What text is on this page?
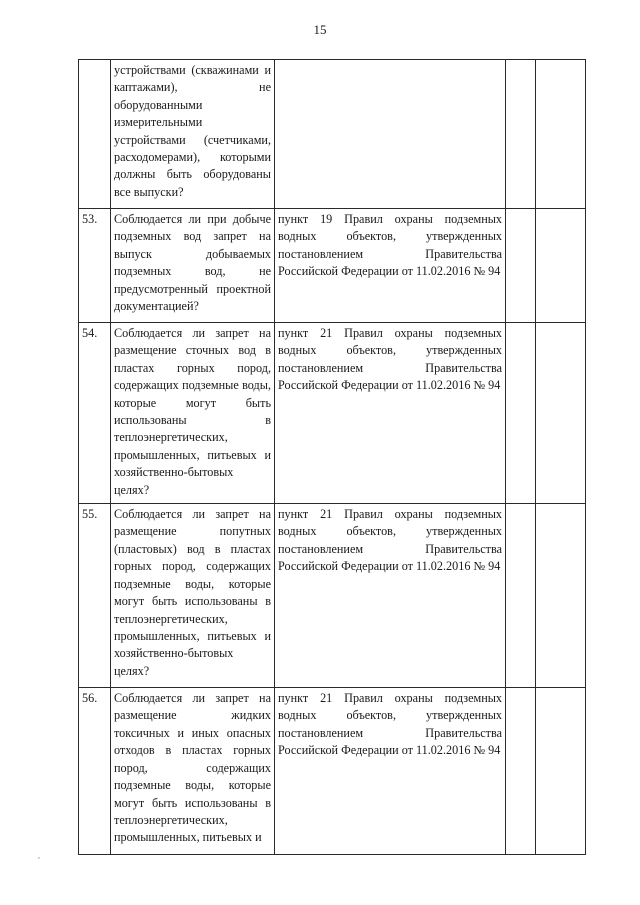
15
	устройствами (скважинами и каптажами), не оборудованными измерительными устройствами (счетчиками, расходомерами), которыми должны быть оборудованы все выпуски?			
53.	Соблюдается ли при добыче подземных вод запрет на выпуск добываемых подземных вод, не предусмотренный проектной документацией?	пункт 19 Правил охраны подземных водных объектов, утвержденных постановлением Правительства Российской Федерации от 11.02.2016 № 94		
54.	Соблюдается ли запрет на размещение сточных вод в пластах горных пород, содержащих подземные воды, которые могут быть использованы в теплоэнергетических, промышленных, питьевых и хозяйственно-бытовых целях?	пункт 21 Правил охраны подземных водных объектов, утвержденных постановлением Правительства Российской Федерации от 11.02.2016 № 94		
55.	Соблюдается ли запрет на размещение попутных (пластовых) вод в пластах горных пород, содержащих подземные воды, которые могут быть использованы в теплоэнергетических, промышленных, питьевых и хозяйственно-бытовых целях?	пункт 21 Правил охраны подземных водных объектов, утвержденных постановлением Правительства Российской Федерации от 11.02.2016 № 94		
56.	Соблюдается ли запрет на размещение жидких токсичных и иных опасных отходов в пластах горных пород, содержащих подземные воды, которые могут быть использованы в теплоэнергетических, промышленных, питьевых и	пункт 21 Правил охраны подземных водных объектов, утвержденных постановлением Правительства Российской Федерации от 11.02.2016 № 94		
,
